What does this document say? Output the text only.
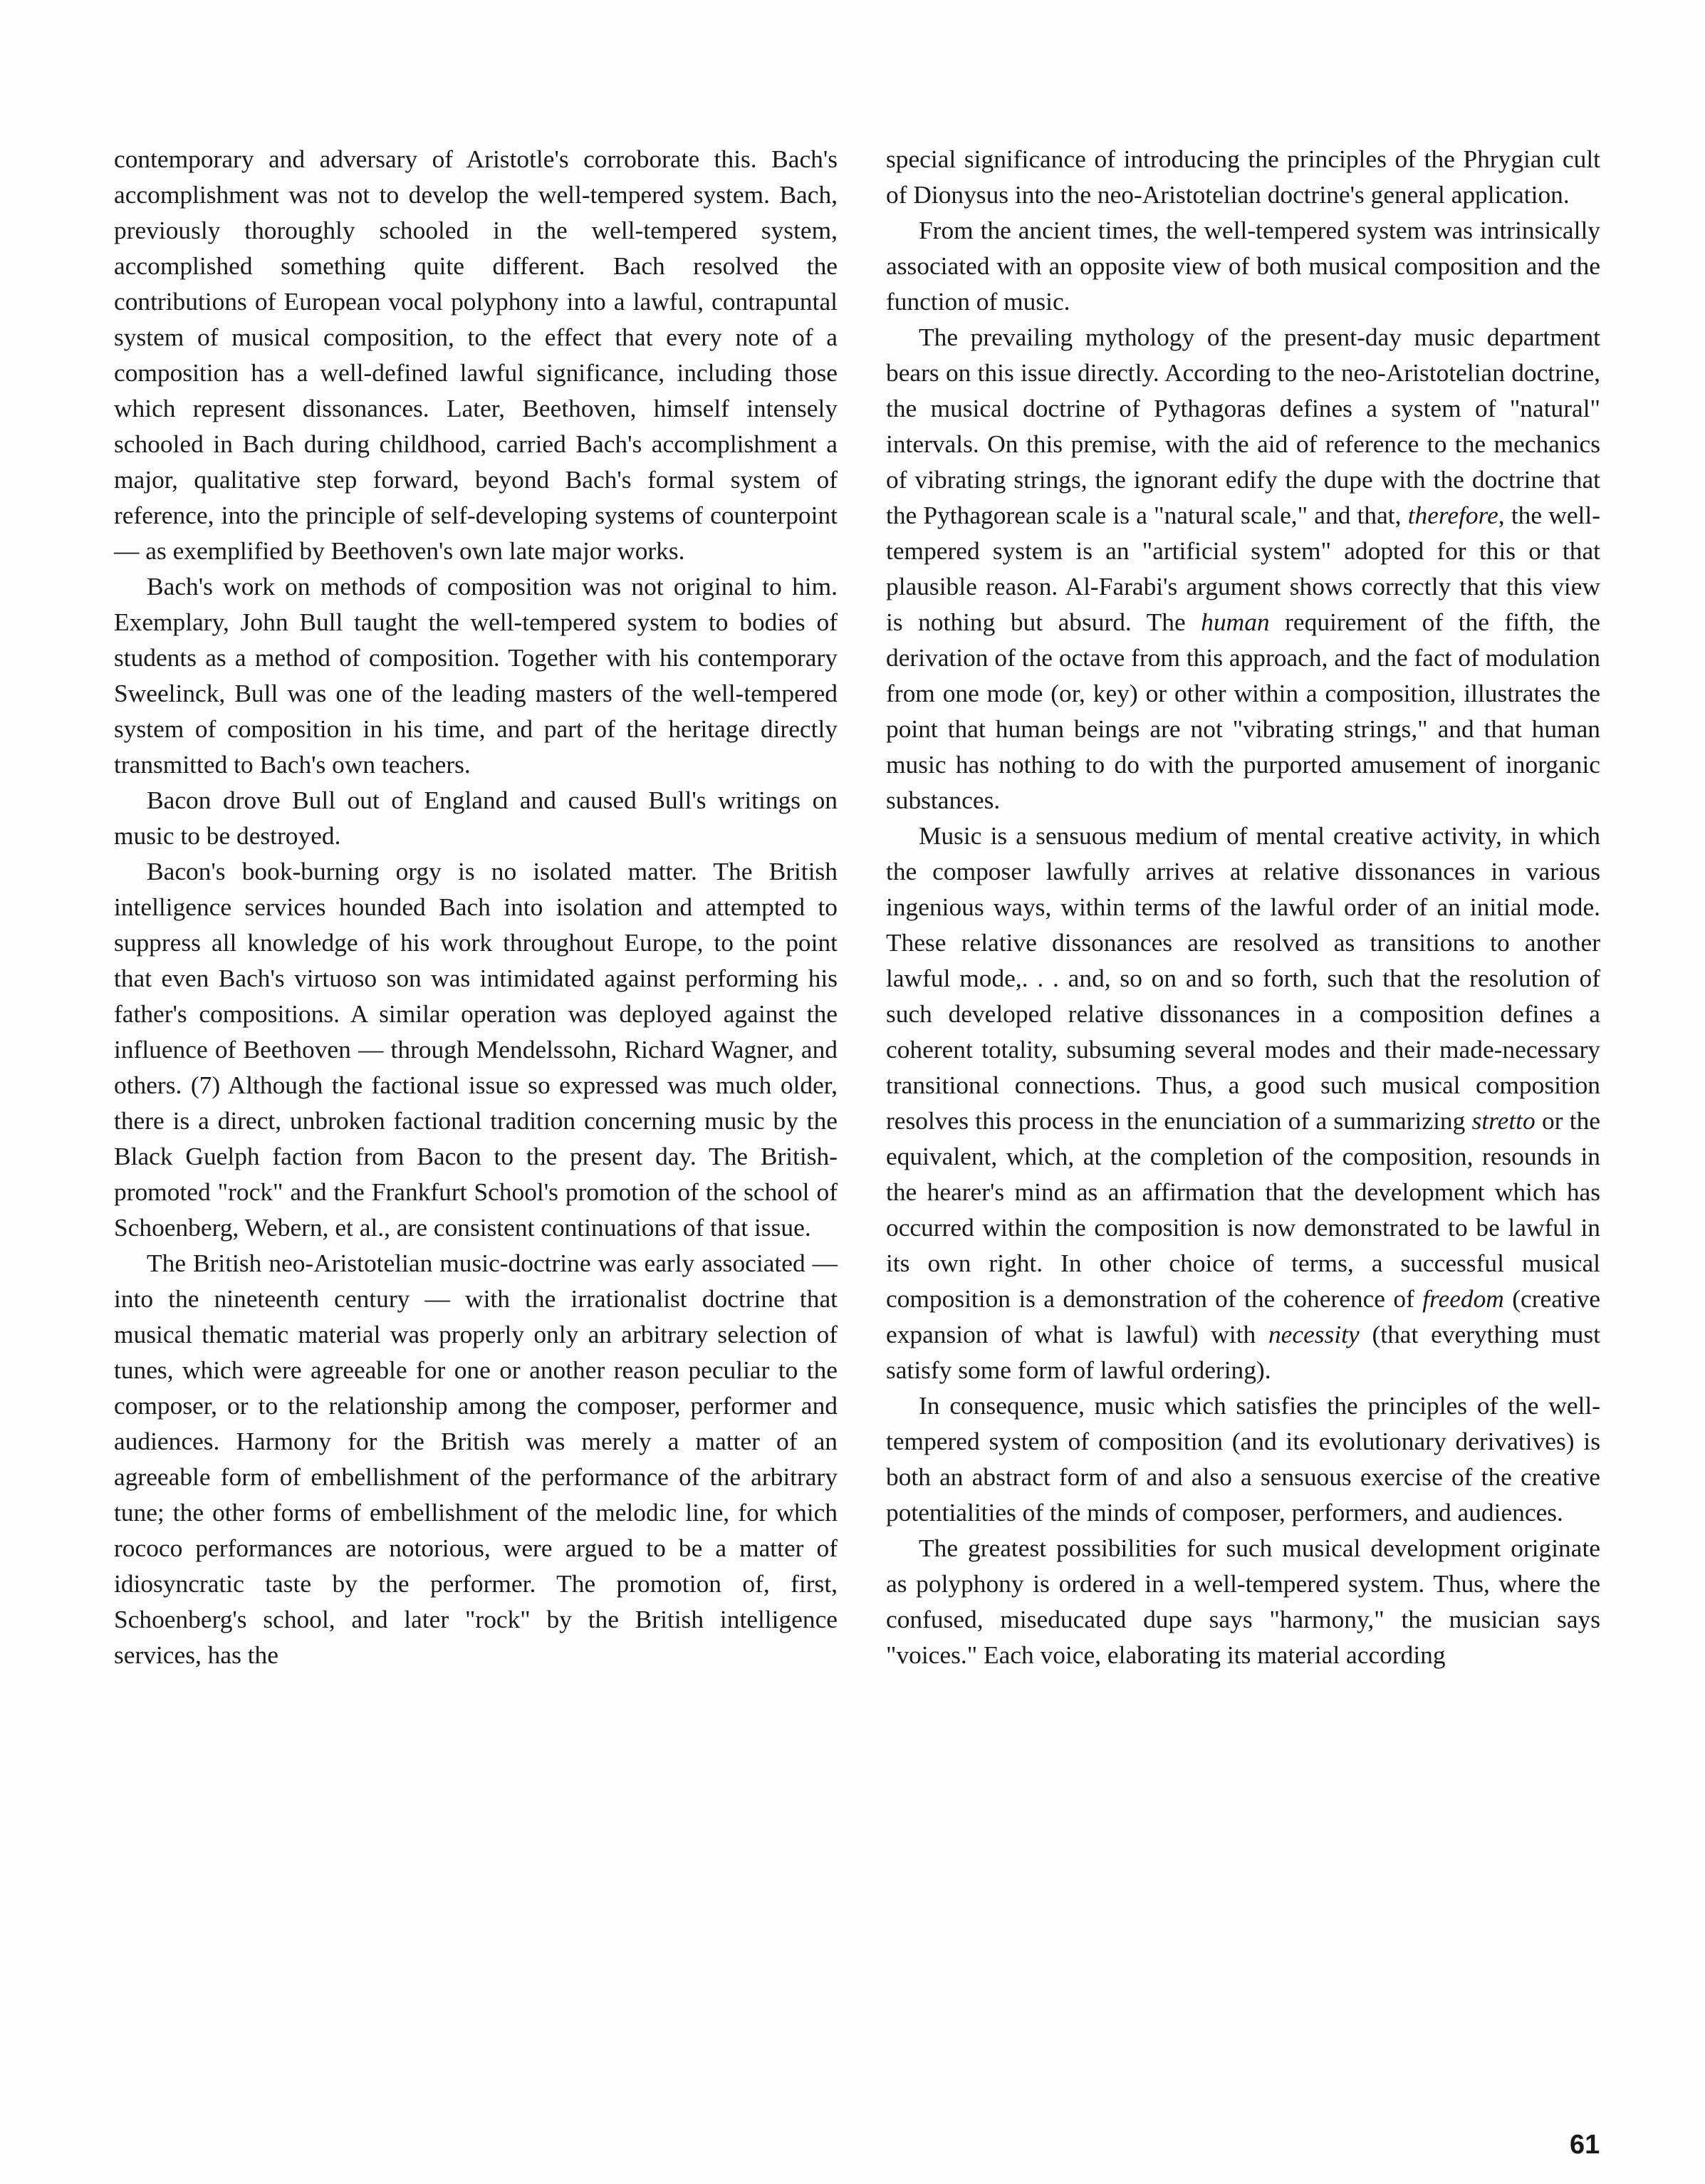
contemporary and adversary of Aristotle's corroborate this. Bach's accomplishment was not to develop the well-tempered system. Bach, previously thoroughly schooled in the well-tempered system, accomplished something quite different. Bach resolved the contributions of European vocal polyphony into a lawful, contrapuntal system of musical composition, to the effect that every note of a composition has a well-defined lawful significance, including those which represent dissonances. Later, Beethoven, himself intensely schooled in Bach during childhood, carried Bach's accomplishment a major, qualitative step forward, beyond Bach's formal system of reference, into the principle of self-developing systems of counterpoint — as exemplified by Beethoven's own late major works.

Bach's work on methods of composition was not original to him. Exemplary, John Bull taught the well-tempered system to bodies of students as a method of composition. Together with his contemporary Sweelinck, Bull was one of the leading masters of the well-tempered system of composition in his time, and part of the heritage directly transmitted to Bach's own teachers.

Bacon drove Bull out of England and caused Bull's writings on music to be destroyed.

Bacon's book-burning orgy is no isolated matter. The British intelligence services hounded Bach into isolation and attempted to suppress all knowledge of his work throughout Europe, to the point that even Bach's virtuoso son was intimidated against performing his father's compositions. A similar operation was deployed against the influence of Beethoven — through Mendelssohn, Richard Wagner, and others. (7) Although the factional issue so expressed was much older, there is a direct, unbroken factional tradition concerning music by the Black Guelph faction from Bacon to the present day. The British-promoted "rock" and the Frankfurt School's promotion of the school of Schoenberg, Webern, et al., are consistent continuations of that issue.

The British neo-Aristotelian music-doctrine was early associated — into the nineteenth century — with the irrationalist doctrine that musical thematic material was properly only an arbitrary selection of tunes, which were agreeable for one or another reason peculiar to the composer, or to the relationship among the composer, performer and audiences. Harmony for the British was merely a matter of an agreeable form of embellishment of the performance of the arbitrary tune; the other forms of embellishment of the melodic line, for which rococo performances are notorious, were argued to be a matter of idiosyncratic taste by the performer. The promotion of, first, Schoenberg's school, and later "rock" by the British intelligence services, has the

special significance of introducing the principles of the Phrygian cult of Dionysus into the neo-Aristotelian doctrine's general application.

From the ancient times, the well-tempered system was intrinsically associated with an opposite view of both musical composition and the function of music.

The prevailing mythology of the present-day music department bears on this issue directly. According to the neo-Aristotelian doctrine, the musical doctrine of Pythagoras defines a system of "natural" intervals. On this premise, with the aid of reference to the mechanics of vibrating strings, the ignorant edify the dupe with the doctrine that the Pythagorean scale is a "natural scale," and that, therefore, the well-tempered system is an "artificial system" adopted for this or that plausible reason. Al-Farabi's argument shows correctly that this view is nothing but absurd. The human requirement of the fifth, the derivation of the octave from this approach, and the fact of modulation from one mode (or, key) or other within a composition, illustrates the point that human beings are not "vibrating strings," and that human music has nothing to do with the purported amusement of inorganic substances.

Music is a sensuous medium of mental creative activity, in which the composer lawfully arrives at relative dissonances in various ingenious ways, within terms of the lawful order of an initial mode. These relative dissonances are resolved as transitions to another lawful mode,. . . and, so on and so forth, such that the resolution of such developed relative dissonances in a composition defines a coherent totality, subsuming several modes and their made-necessary transitional connections. Thus, a good such musical composition resolves this process in the enunciation of a summarizing stretto or the equivalent, which, at the completion of the composition, resounds in the hearer's mind as an affirmation that the development which has occurred within the composition is now demonstrated to be lawful in its own right. In other choice of terms, a successful musical composition is a demonstration of the coherence of freedom (creative expansion of what is lawful) with necessity (that everything must satisfy some form of lawful ordering).

In consequence, music which satisfies the principles of the well-tempered system of composition (and its evolutionary derivatives) is both an abstract form of and also a sensuous exercise of the creative potentialities of the minds of composer, performers, and audiences.

The greatest possibilities for such musical development originate as polyphony is ordered in a well-tempered system. Thus, where the confused, miseducated dupe says "harmony," the musician says "voices." Each voice, elaborating its material according

61
